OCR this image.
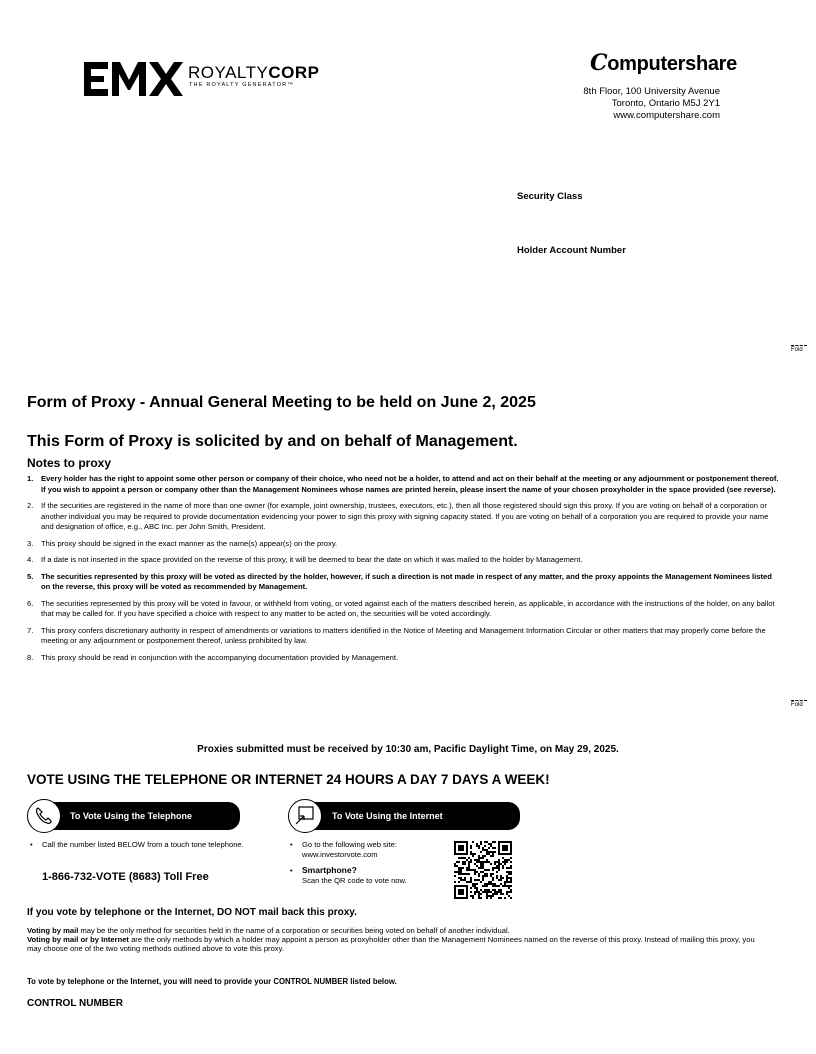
ROYALTYCORP
THE ROYALTY GENERATOR™
Computershare
8th Floor, 100 University Avenue
Toronto, Ontario M5J 2Y1
www.computershare.com
Security Class
Holder Account Number
Fold
Fold
Form of Proxy - Annual General Meeting to be held on June 2, 2025
This Form of Proxy is solicited by and on behalf of Management.
Notes to proxy
1. Every holder has the right to appoint some other person or company of their choice, who need not be a holder, to attend and act on their behalf at the meeting or any adjournment or postponement thereof. If you wish to appoint a person or company other than the Management Nominees whose names are printed herein, please insert the name of your chosen proxyholder in the space provided (see reverse).
2. If the securities are registered in the name of more than one owner (for example, joint ownership, trustees, executors, etc.), then all those registered should sign this proxy. If you are voting on behalf of a corporation or another individual you may be required to provide documentation evidencing your power to sign this proxy with signing capacity stated. If you are voting on behalf of a corporation you are required to provide your name and designation of office, e.g., ABC Inc. per John Smith, President.
3. This proxy should be signed in the exact manner as the name(s) appear(s) on the proxy.
4. If a date is not inserted in the space provided on the reverse of this proxy, it will be deemed to bear the date on which it was mailed to the holder by Management.
5. The securities represented by this proxy will be voted as directed by the holder, however, if such a direction is not made in respect of any matter, and the proxy appoints the Management Nominees listed on the reverse, this proxy will be voted as recommended by Management.
6. The securities represented by this proxy will be voted in favour, or withheld from voting, or voted against each of the matters described herein, as applicable, in accordance with the instructions of the holder, on any ballot that may be called for. If you have specified a choice with respect to any matter to be acted on, the securities will be voted accordingly.
7. This proxy confers discretionary authority in respect of amendments or variations to matters identified in the Notice of Meeting and Management Information Circular or other matters that may properly come before the meeting or any adjournment or postponement thereof, unless prohibited by law.
8. This proxy should be read in conjunction with the accompanying documentation provided by Management.
Proxies submitted must be received by 10:30 am, Pacific Daylight Time, on May 29, 2025.
VOTE USING THE TELEPHONE OR INTERNET 24 HOURS A DAY 7 DAYS A WEEK!
To Vote Using the Telephone
• Call the number listed BELOW from a touch tone telephone.
1-866-732-VOTE (8683) Toll Free
To Vote Using the Internet
• Go to the following web site: www.investorvote.com
• Smartphone?
Scan the QR code to vote now.
If you vote by telephone or the Internet, DO NOT mail back this proxy.
Voting by mail may be the only method for securities held in the name of a corporation or securities being voted on behalf of another individual.
Voting by mail or by Internet are the only methods by which a holder may appoint a person as proxyholder other than the Management Nominees named on the reverse of this proxy. Instead of mailing this proxy, you may choose one of the two voting methods outlined above to vote this proxy.
To vote by telephone or the Internet, you will need to provide your CONTROL NUMBER listed below.
CONTROL NUMBER
